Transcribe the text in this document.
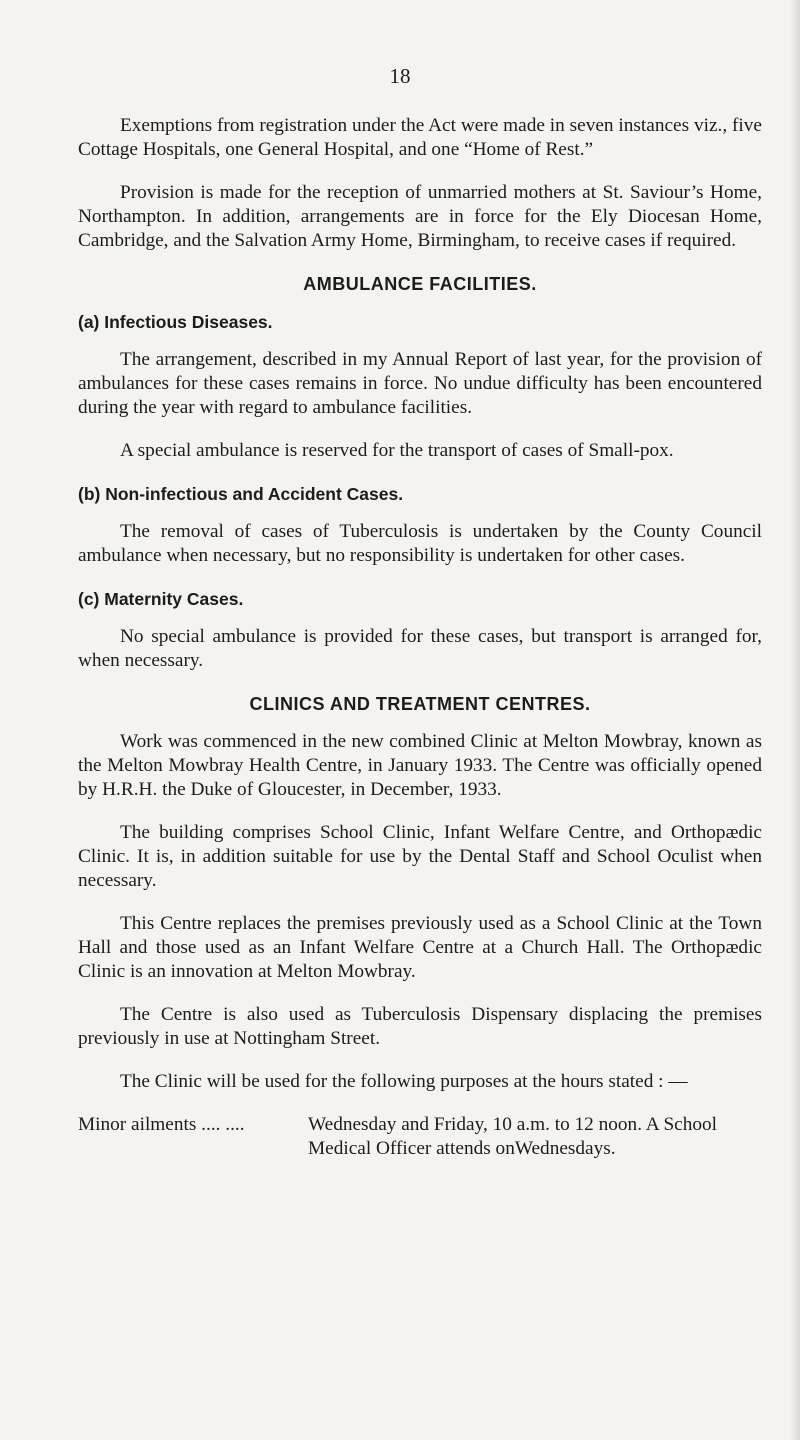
18

Exemptions from registration under the Act were made in seven instances viz., five Cottage Hospitals, one General Hospital, and one “Home of Rest.”

Provision is made for the reception of unmarried mothers at St. Saviour’s Home, Northampton. In addition, arrangements are in force for the Ely Diocesan Home, Cambridge, and the Salvation Army Home, Birmingham, to receive cases if required.

AMBULANCE FACILITIES.

(a) Infectious Diseases.

The arrangement, described in my Annual Report of last year, for the provision of ambulances for these cases remains in force. No undue difficulty has been encountered during the year with regard to ambulance facilities.

A special ambulance is reserved for the transport of cases of Small-pox.

(b) Non-infectious and Accident Cases.

The removal of cases of Tuberculosis is undertaken by the County Council ambulance when necessary, but no responsibility is undertaken for other cases.

(c) Maternity Cases.

No special ambulance is provided for these cases, but transport is arranged for, when necessary.

CLINICS AND TREATMENT CENTRES.

Work was commenced in the new combined Clinic at Melton Mowbray, known as the Melton Mowbray Health Centre, in January 1933. The Centre was officially opened by H.R.H. the Duke of Gloucester, in December, 1933.

The building comprises School Clinic, Infant Welfare Centre, and Orthopædic Clinic. It is, in addition suitable for use by the Dental Staff and School Oculist when necessary.

This Centre replaces the premises previously used as a School Clinic at the Town Hall and those used as an Infant Welfare Centre at a Church Hall. The Orthopædic Clinic is an innovation at Melton Mowbray.

The Centre is also used as Tuberculosis Dispensary displacing the premises previously in use at Nottingham Street.

The Clinic will be used for the following purposes at the hours stated : —

Minor ailments .... ....	Wednesday and Friday, 10 a.m. to 12 noon. A School Medical Officer attends onWednesdays.
